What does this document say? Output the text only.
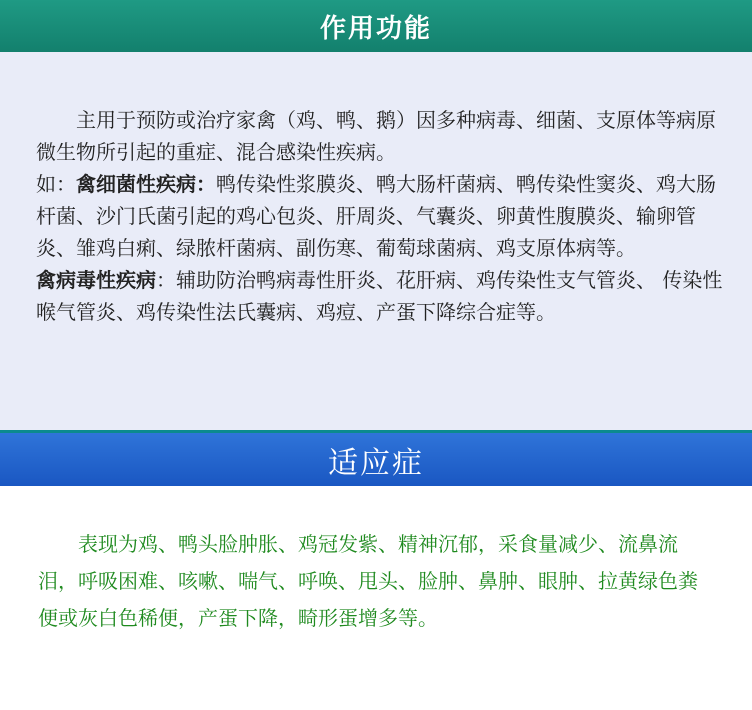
作用功能

主用于预防或治疗家禽（鸡、鸭、鹅）因多种病毒、细菌、支原体等病原微生物所引起的重症、混合感染性疾病。

如：禽细菌性疾病：鸭传染性浆膜炎、鸭大肠杆菌病、鸭传染性窦炎、鸡大肠杆菌、沙门氏菌引起的鸡心包炎、肝周炎、气囊炎、卵黄性腹膜炎、输卵管炎、雏鸡白痢、绿脓杆菌病、副伤寒、葡萄球菌病、鸡支原体病等。

禽病毒性疾病：辅助防治鸭病毒性肝炎、花肝病、鸡传染性支气管炎、 传染性喉气管炎、鸡传染性法氏囊病、鸡痘、产蛋下降综合症等。

适应症

表现为鸡、鸭头脸肿胀、鸡冠发紫、精神沉郁，采食量减少、流鼻流泪，呼吸困难、咳嗽、喘气、呼唤、甩头、脸肿、鼻肿、眼肿、拉黄绿色粪便或灰白色稀便，产蛋下降，畸形蛋增多等。
